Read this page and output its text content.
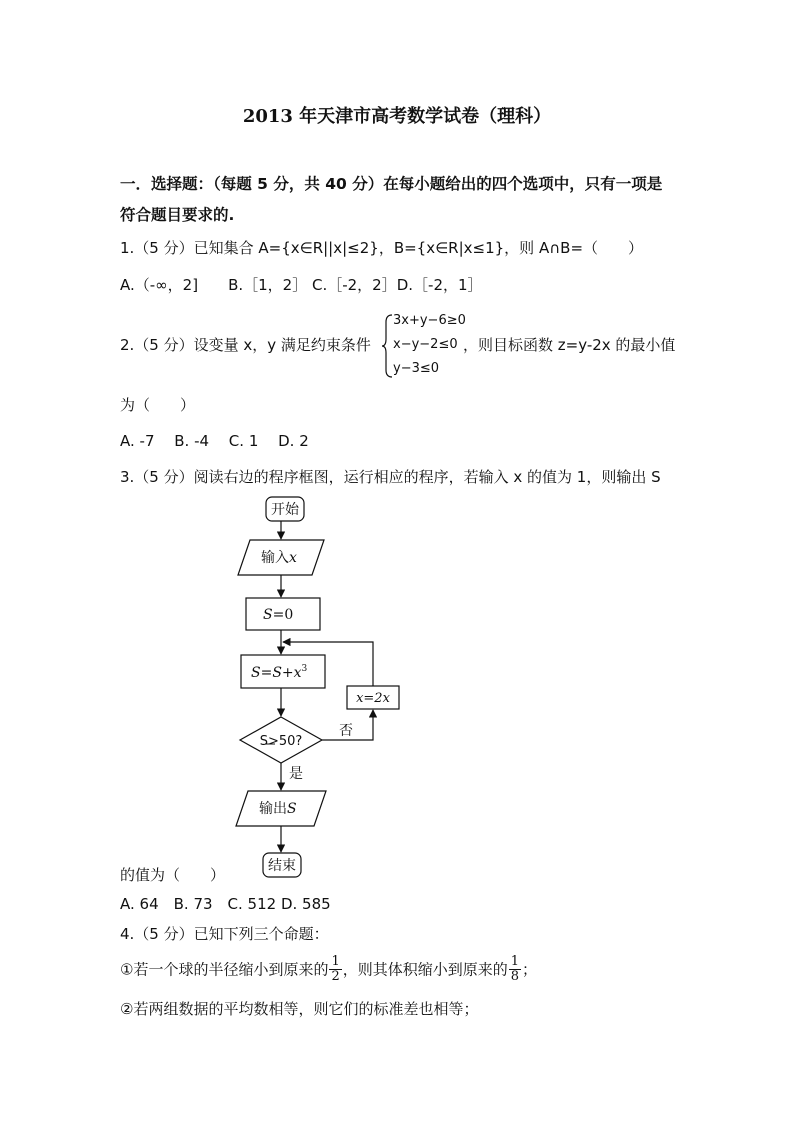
2013 年天津市高考数学试卷（理科）
一．选择题：（每题 5 分，共 40 分）在每小题给出的四个选项中，只有一项是
符合题目要求的.
1.（5 分）已知集合 A={x∈R||x|≤2}，B={x∈R|x≤1}，则 A∩B=（　　）
A.（-∞，2]　　B.［1，2］ C.［-2，2］D.［-2，1］
2.（5 分）设变量 x，y 满足约束条件
3x+y−6≥0
x−y−2≤0
y−3≤0
，则目标函数 z=y-2x 的最小值
为（　　）
A. -7　 B. -4　 C. 1　 D. 2
3.（5 分）阅读右边的程序框图，运行相应的程序，若输入 x 的值为 1，则输出 S
开始
输入x
S=0
$S=S+x^3$
x=2x
S>50?
否
是
输出S
结束
的值为（　　）
A. 64　B. 73　C. 512 D. 585
4.（5 分）已知下列三个命题：
①若一个球的半径缩小到原来的 $\frac{1}{2}$ ，则其体积缩小到原来的 $\frac{1}{8}$ ；
②若两组数据的平均数相等，则它们的标准差也相等；
